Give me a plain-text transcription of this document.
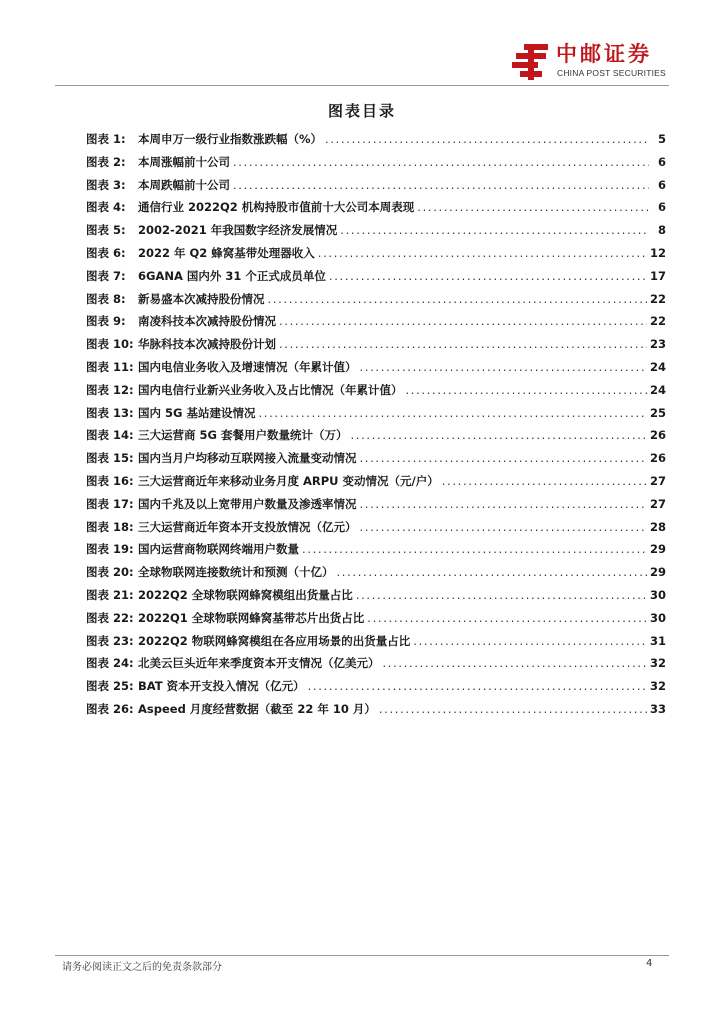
中邮证券
CHINA POST SECURITIES
图表目录
图表 1:	本周申万一级行业指数涨跌幅（%） . . .	5
图表 2:	本周涨幅前十公司 . . .	6
图表 3:	本周跌幅前十公司 . . .	6
图表 4:	通信行业 2022Q2 机构持股市值前十大公司本周表现 . . .	6
图表 5:	2002-2021 年我国数字经济发展情况 . . .	8
图表 6:	2022 年 Q2 蜂窝基带处理器收入 . . .	12
图表 7:	6GANA 国内外 31 个正式成员单位 . . .	17
图表 8:	新易盛本次减持股份情况 . . .	22
图表 9:	南凌科技本次减持股份情况 . . .	22
图表 10: 华脉科技本次减持股份计划 . . .	23
图表 11: 国内电信业务收入及增速情况（年累计值） . . .	24
图表 12: 国内电信行业新兴业务收入及占比情况（年累计值） . . .	24
图表 13: 国内 5G 基站建设情况 . . .	25
图表 14: 三大运营商 5G 套餐用户数量统计（万） . . .	26
图表 15: 国内当月户均移动互联网接入流量变动情况 . . .	26
图表 16: 三大运营商近年来移动业务月度 ARPU 变动情况（元/户） . . .	27
图表 17: 国内千兆及以上宽带用户数量及渗透率情况 . . .	27
图表 18: 三大运营商近年资本开支投放情况（亿元） . . .	28
图表 19: 国内运营商物联网终端用户数量 . . .	29
图表 20: 全球物联网连接数统计和预测（十亿） . . .	29
图表 21: 2022Q2 全球物联网蜂窝模组出货量占比 . . .	30
图表 22: 2022Q1 全球物联网蜂窝基带芯片出货占比 . . .	30
图表 23: 2022Q2 物联网蜂窝模组在各应用场景的出货量占比 . . .	31
图表 24: 北美云巨头近年来季度资本开支情况（亿美元） . . .	32
图表 25: BAT 资本开支投入情况（亿元） . . .	32
图表 26: Aspeed 月度经营数据（截至 22 年 10 月） . . .	33
请务必阅读正文之后的免责条款部分	4
